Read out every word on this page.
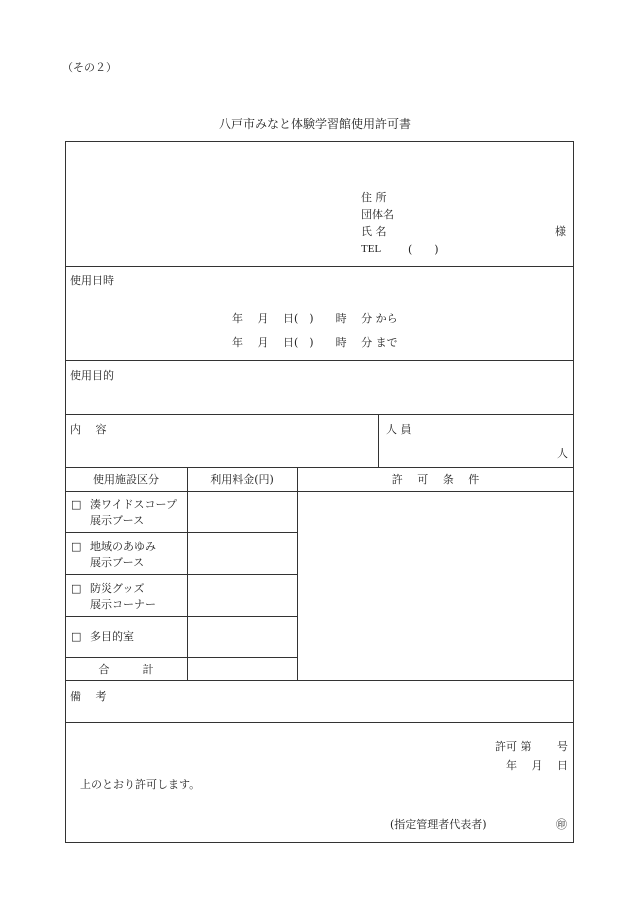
（その２）
八戸市みなと体験学習館使用許可書
住 所
団体名
氏 名	様
TEL (　　)
使用日時
年　 月　 日(　)　　時　 分 から
年　 月　 日(　)　　時　 分 まで
使用目的
内　 容	人 員
人
使用施設区分	利用料金(円)	許　 可　 条　 件
□ 湊ワイドスコープ
展示ブース
□ 地域のあゆみ
展示ブース
□ 防災グッズ
展示コーナー
□ 多目的室
合　　　計
備　 考
許可 第　　 号
年　 月　 日
上のとおり許可します。
(指定管理者代表者)	㊞
